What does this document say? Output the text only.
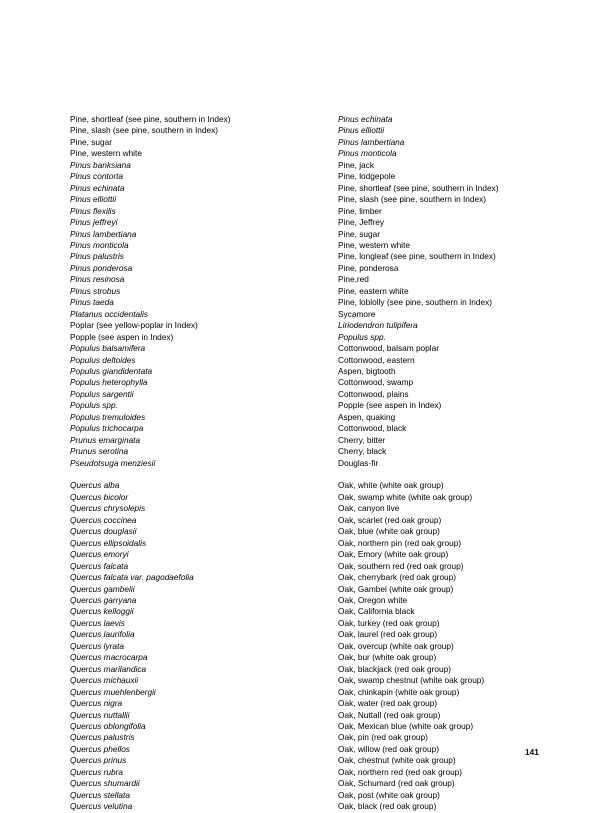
Pine, shortleaf (see pine, southern in Index)
Pine, slash (see pine, southern in Index)
Pine, sugar
Pine, western white
Pinus banksiana
Pinus contorta
Pinus echinata
Pinus elliottii
Pinus flexilis
Pinus jeffreyi
Pinus lambertiana
Pinus monticola
Pinus palustris
Pinus ponderosa
Pinus resinosa
Pinus strobus
Pinus taeda
Platanus occidentalis
Poplar (see yellow-poplar in Index)
Popple (see aspen in Index)
Populus balsamifera
Populus deltoides
Populus giandidentata
Populus heterophylla
Populus sargentii
Populus spp.
Populus tremuloides
Populus trichocarpa
Prunus emarginata
Prunus serotina
Pseudotsuga menziesii
Quercus alba
Quercus bicolor
Quercus chrysolepis
Quercus coccinea
Quercus douglasii
Quercus ellipsoidalis
Quercus emoryi
Quercus falcata
Quercus falcata var. pagodaefolia
Quercus gambelii
Quercus garryana
Quercus kelloggii
Quercus laevis
Quercus laurifolia
Quercus lyrata
Quercus macrocarpa
Quercus marilandica
Quercus michauxii
Quercus muehlenbergii
Quercus nigra
Quercus nuttallii
Quercus oblongifolia
Quercus palustris
Quercus phellos
Quercus prinus
Quercus rubra
Quercus shumardii
Quercus stellata
Quercus velutina
Pinus echinata
Pinus elliottii
Pinus lambertiana
Pinus monticola
Pine, jack
Pine, lodgepole
Pine, shortleaf (see pine, southern in Index)
Pine, slash (see pine, southern in Index)
Pine, limber
Pine, Jeffrey
Pine, sugar
Pine, western white
Pine, longleaf (see pine, southern in Index)
Pine, ponderosa
Pine,red
Pine, eastern white
Pine, loblolly (see pine, southern in Index)
Sycamore
Liriodendron tulipifera
Populus spp.
Cottonwood, balsam poplar
Cottonwood, eastern
Aspen, bigtooth
Cottonwood, swamp
Cottonwood, plains
Popple (see aspen in Index)
Aspen, quaking
Cottonwood, black
Cherry, bitter
Cherry, black
Douglas-fir
Oak, white (white oak group)
Oak, swamp white (white oak group)
Oak, canyon live
Oak, scarlet (red oak group)
Oak, blue (white oak group)
Oak, northern pin (red oak group)
Oak, Emory (white oak group)
Oak, southern red (red oak group)
Oak, cherrybark (red oak group)
Oak, Gambel (white oak group)
Oak, Oregon white
Oak, California black
Oak, turkey (red oak group)
Oak, laurel (red oak group)
Oak, overcup (white oak group)
Oak, bur (white oak group)
Oak, blackjack (red oak group)
Oak, swamp chestnut (white oak group)
Oak, chinkapin (white oak group)
Oak, water (red oak group)
Oak, Nuttall (red oak group)
Oak, Mexican blue (white oak group)
Oak, pin (red oak group)
Oak, willow (red oak group)
Oak, chestnut (white oak group)
Oak, northern red (red oak group)
Oak, Schumard (red oak group)
Oak, post (white oak group)
Oak, black (red oak group)
141
